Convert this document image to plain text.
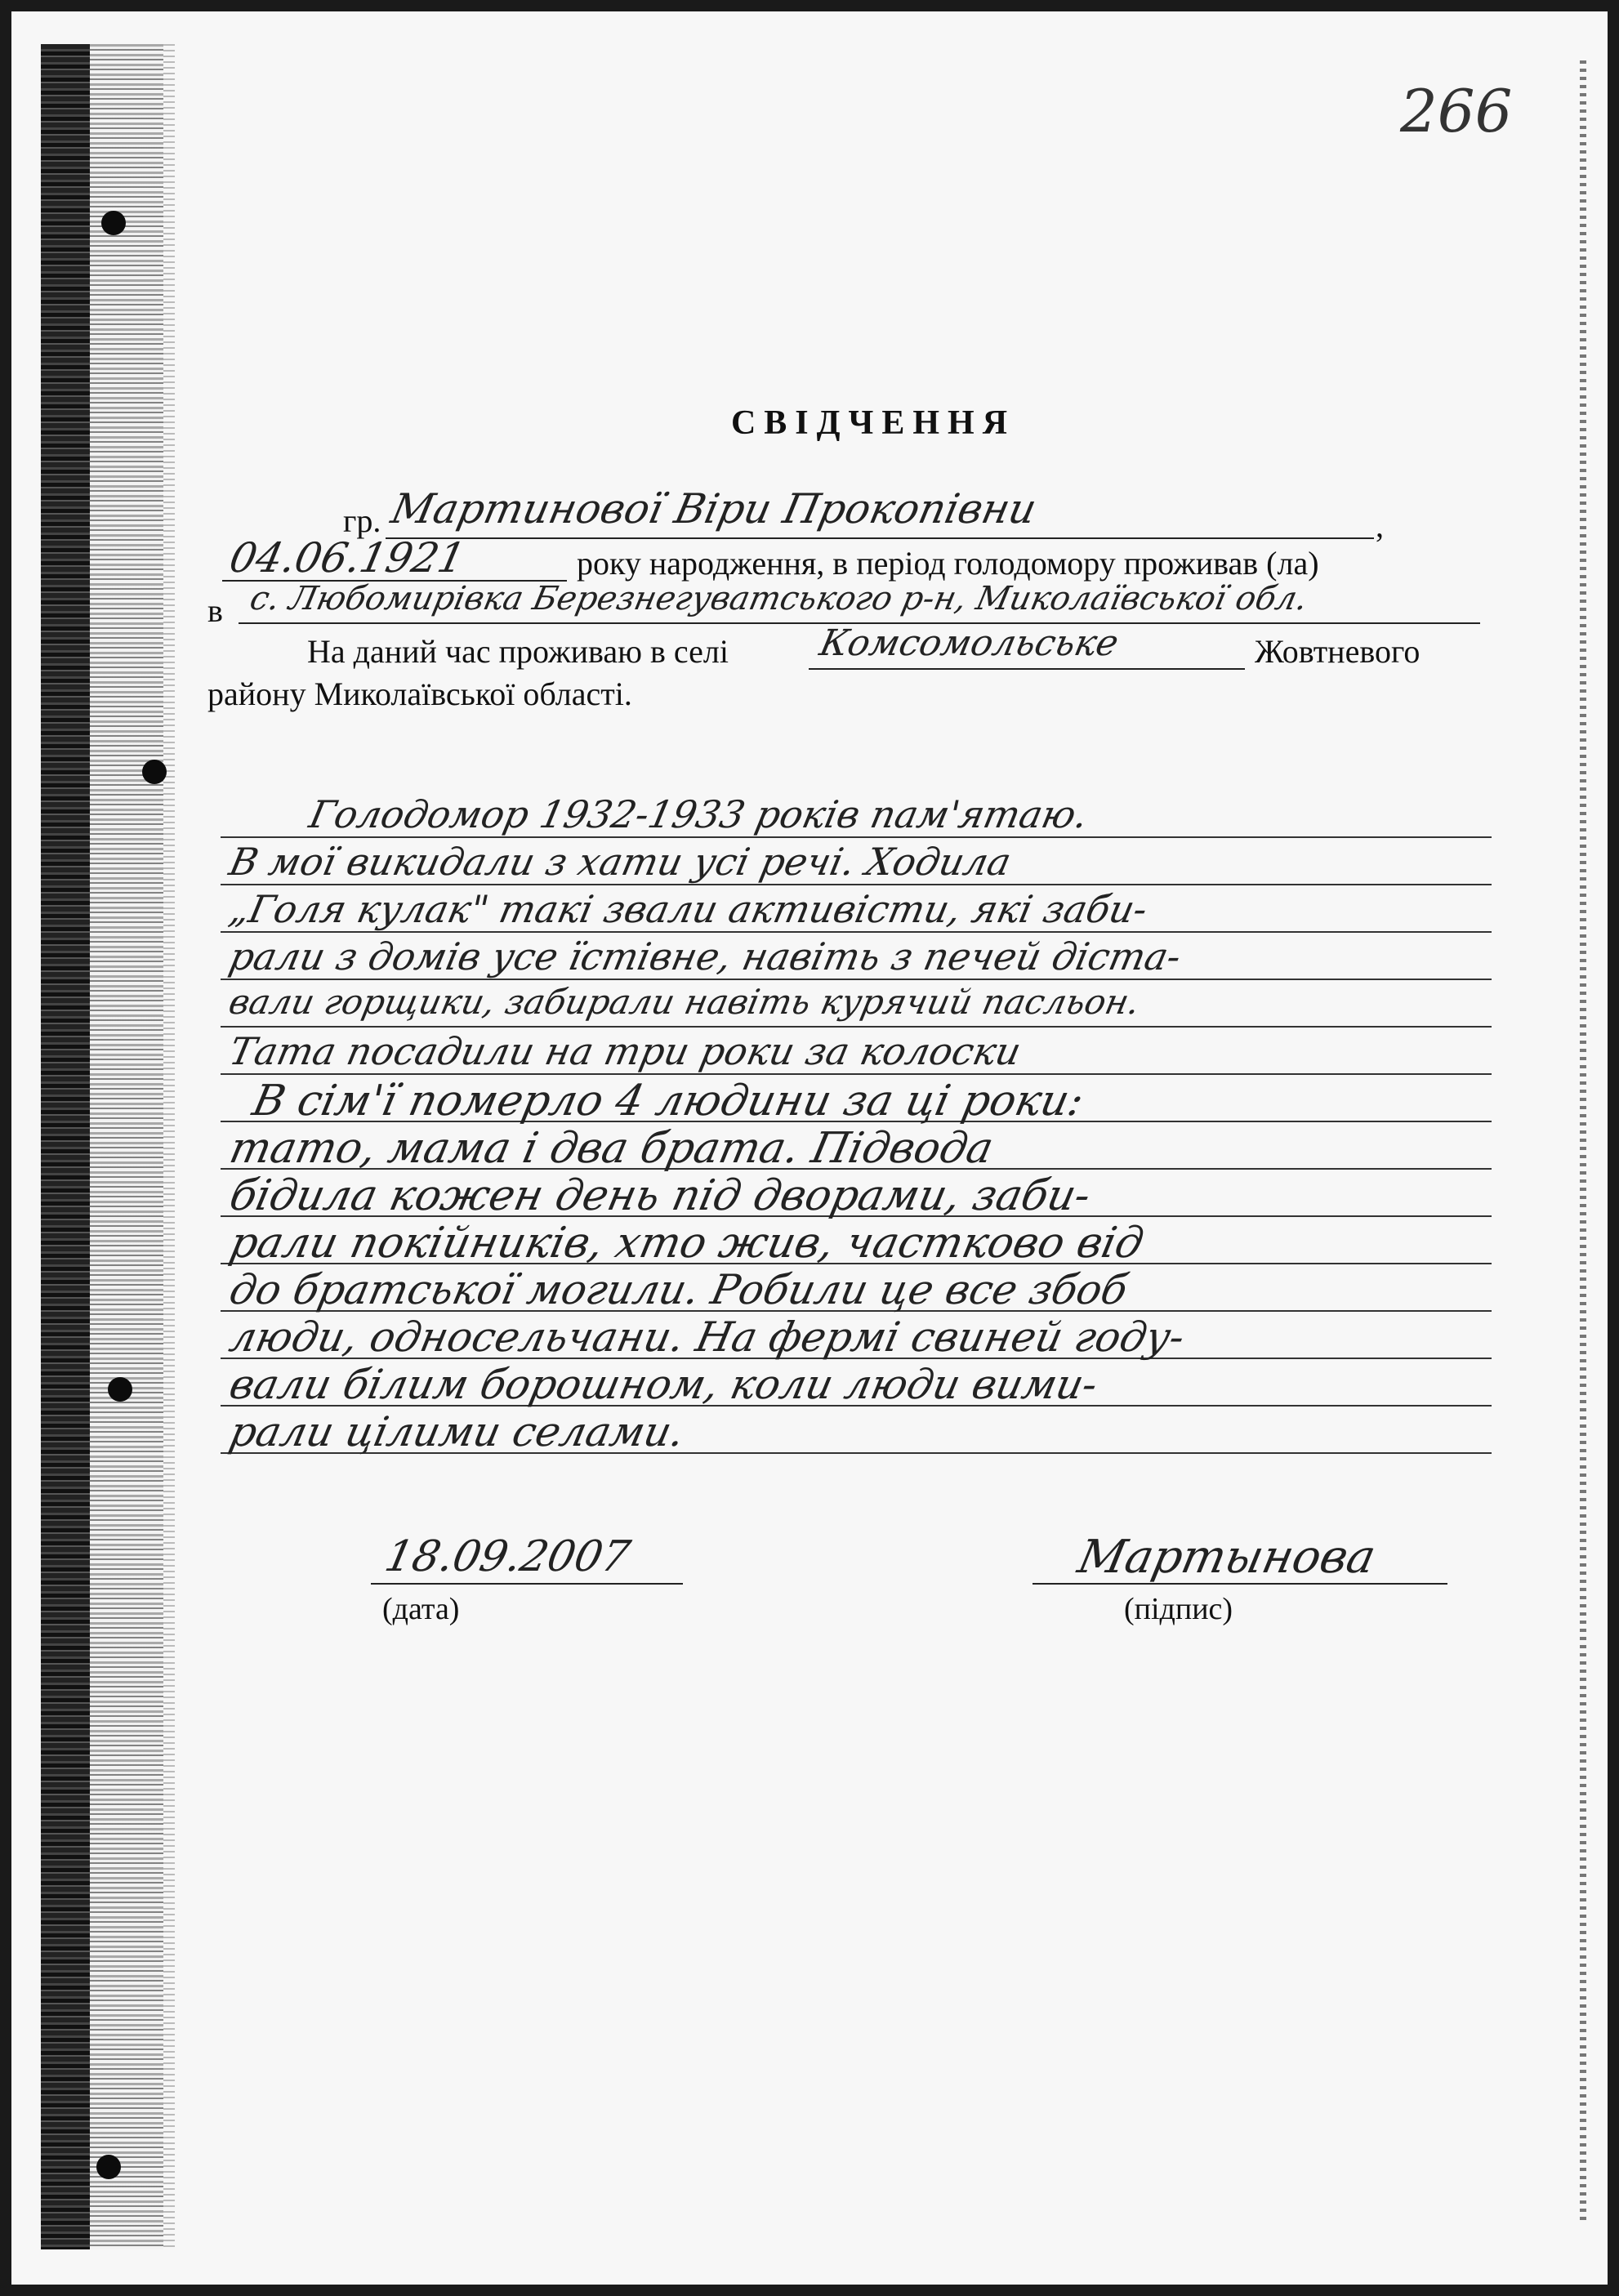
266
СВІДЧЕННЯ
гр. Мартинової Віри Прокопівни	,
04.06.1921	року народження, в період голодомору проживав (ла)
в с. Любомирівка Березнегуватського р-н, Миколаївської обл.
На даний час проживаю в селі Комсомольське	Жовтневого
району Миколаївської області.
Голодомор 1932-1933 років пам'ятаю.
В мої викидали з хати усі речі. Ходила
„Голя кулак" такі звали активісти, які заби-
рали з домів усе їстівне, навіть з печей діста-
вали горщики, забирали навіть курячий пасльон.
Тата посадили на три роки за колоски
В сім'ї померло 4 людини за ці роки:
тато, мама і два брата. Підвода
бідила кожен день під дворами, заби-
рали покійників, хто жив, частково від
до братської могили. Робили це все збоб
люди, односельчани. На фермі свиней году-
вали білим борошном, коли люди вими-
рали цілими селами.
18.09.2007
(дата)
Мартынова
(підпис)
